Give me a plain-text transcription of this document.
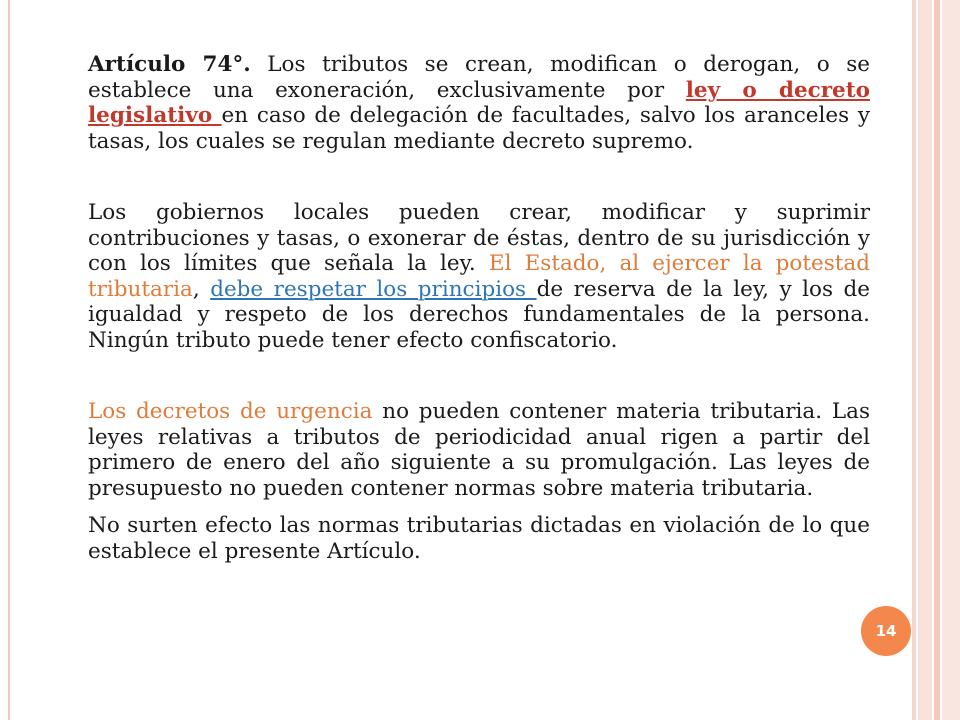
Artículo 74°. Los tributos se crean, modifican o derogan, o se establece una exoneración, exclusivamente por ley o decreto legislativo en caso de delegación de facultades, salvo los aranceles y tasas, los cuales se regulan mediante decreto supremo.

Los gobiernos locales pueden crear, modificar y suprimir contribuciones y tasas, o exonerar de éstas, dentro de su jurisdicción y con los límites que señala la ley. El Estado, al ejercer la potestad tributaria, debe respetar los principios de reserva de la ley, y los de igualdad y respeto de los derechos fundamentales de la persona. Ningún tributo puede tener efecto confiscatorio.

Los decretos de urgencia no pueden contener materia tributaria. Las leyes relativas a tributos de periodicidad anual rigen a partir del primero de enero del año siguiente a su promulgación. Las leyes de presupuesto no pueden contener normas sobre materia tributaria.

No surten efecto las normas tributarias dictadas en violación de lo que establece el presente Artículo.

14
